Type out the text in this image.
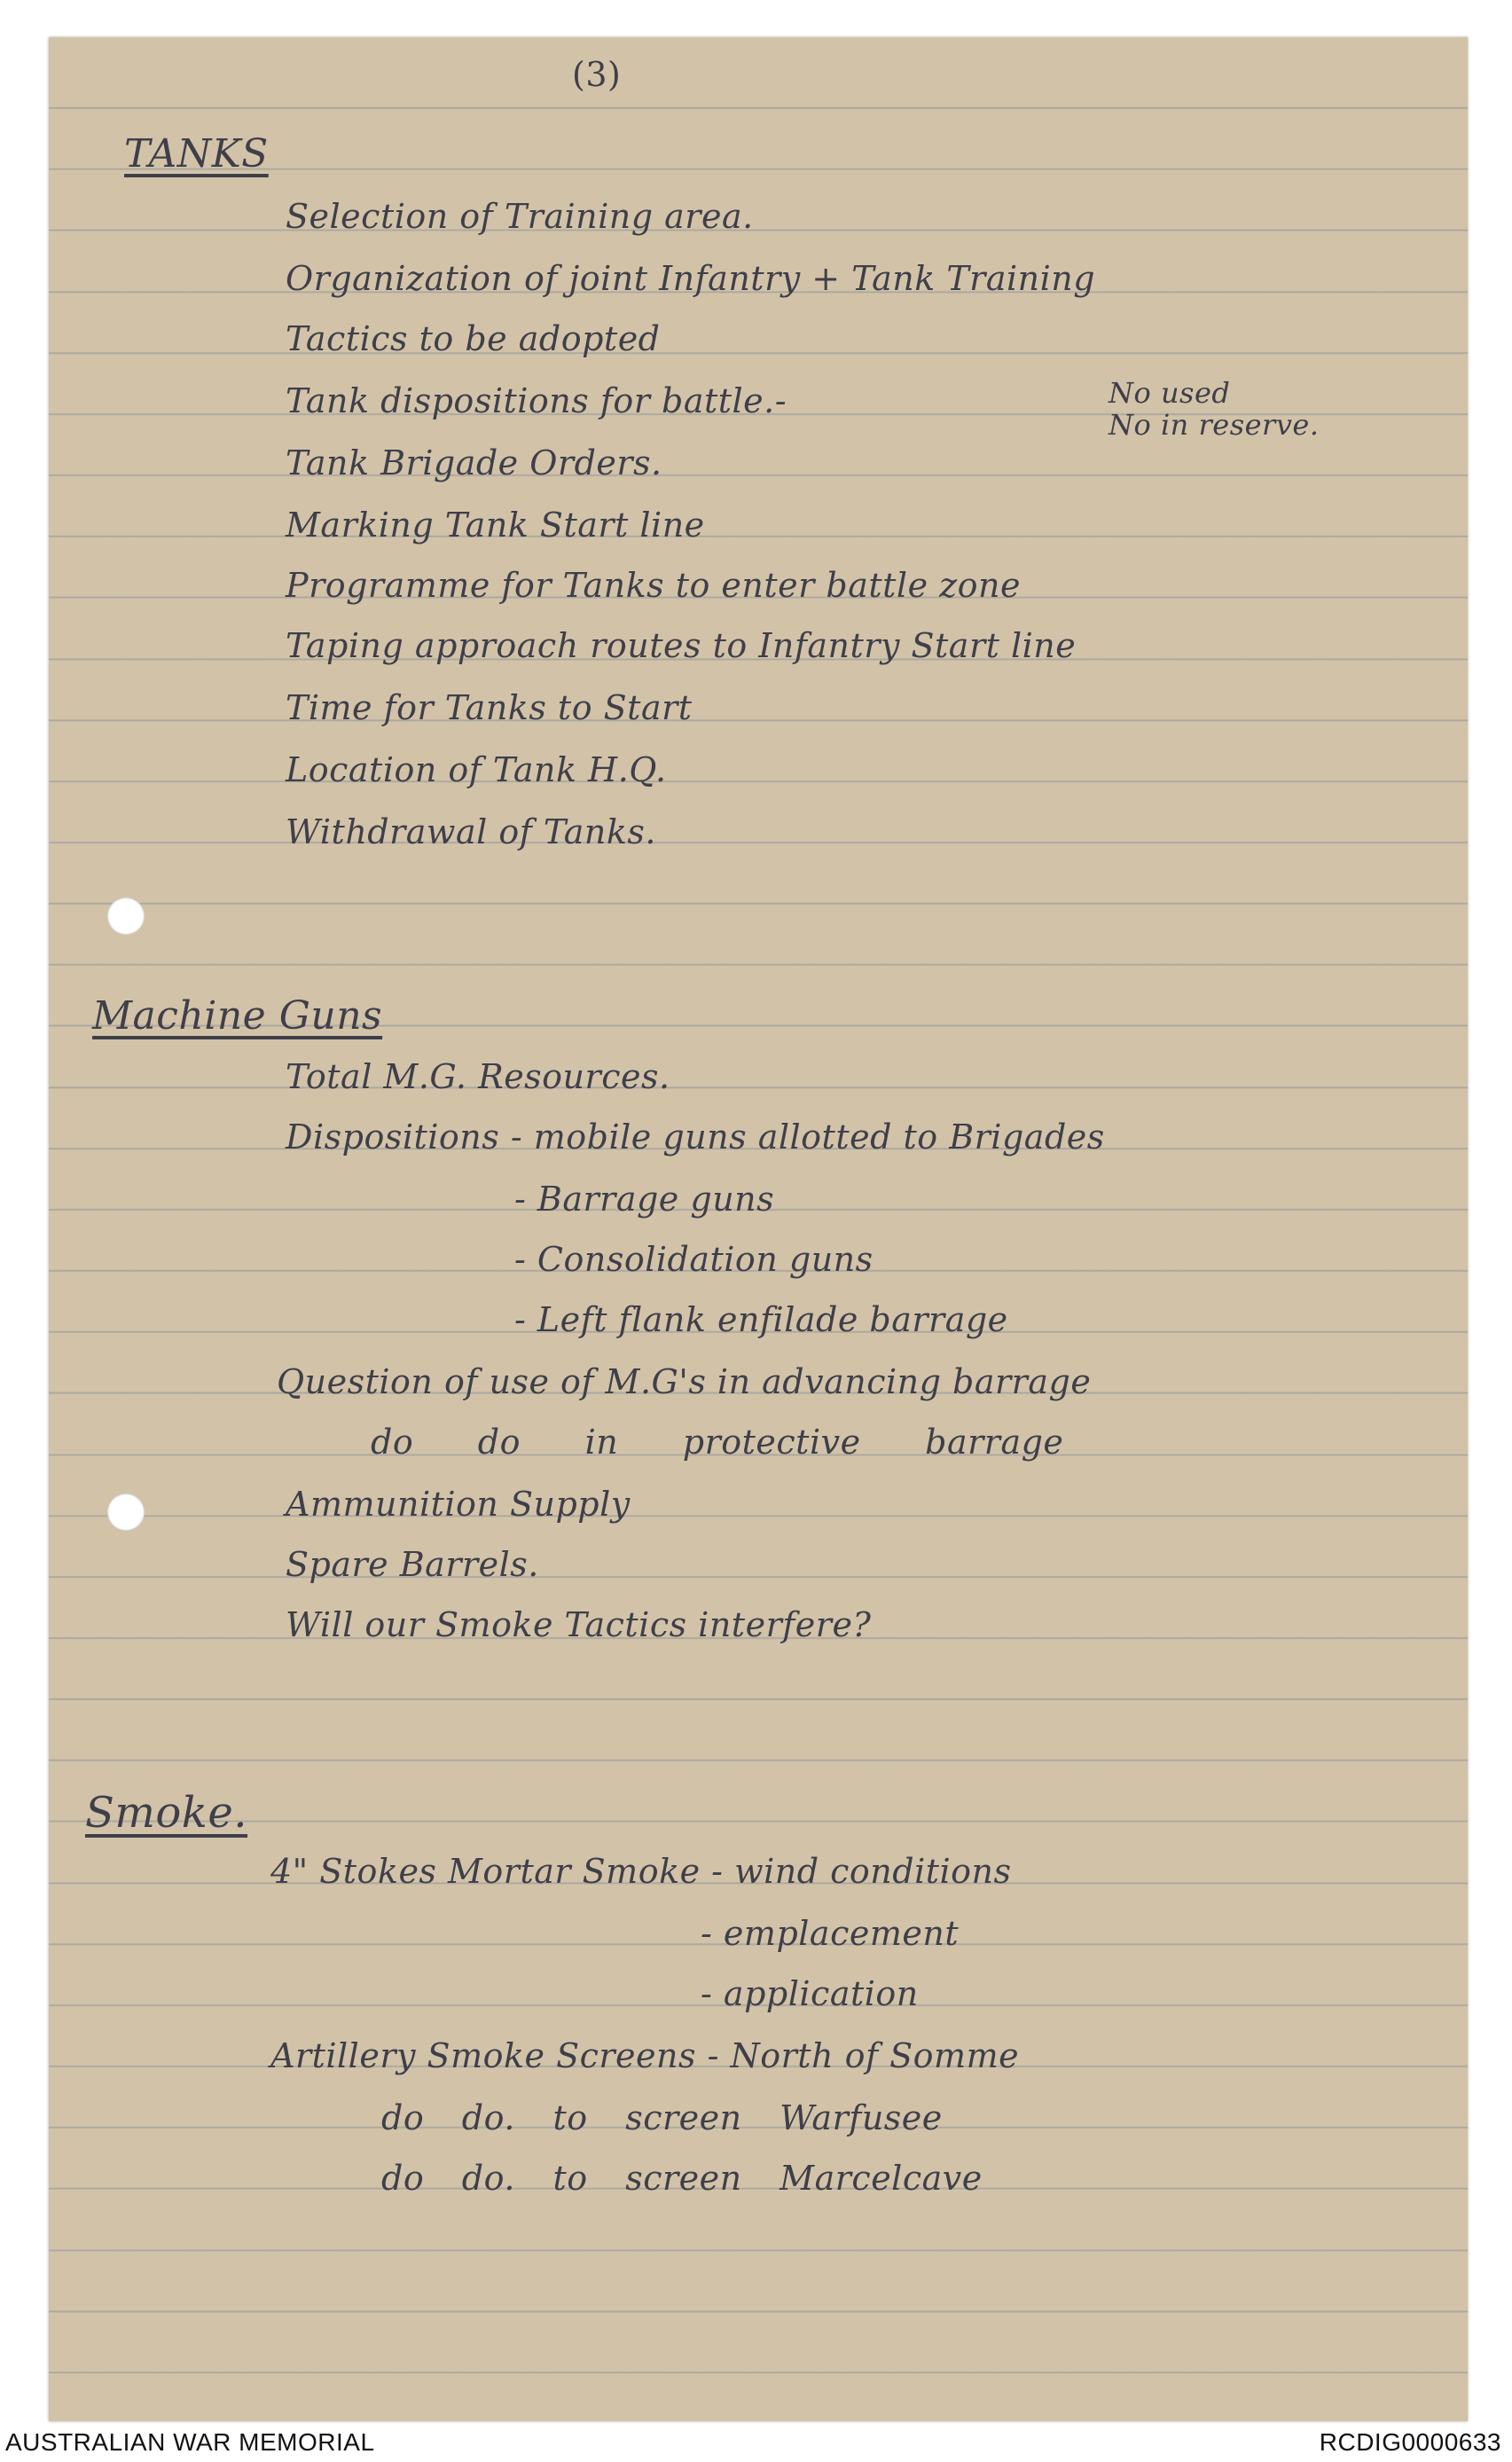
(3)
TANKS
Selection of Training area.
Organization of joint Infantry + Tank Training
Tactics to be adopted
Tank dispositions for battle.-
Tank Brigade Orders.
Marking Tank Start line
Programme for Tanks to enter battle zone
Taping approach routes to Infantry Start line
Time for Tanks to Start
Location of Tank H.Q.
Withdrawal of Tanks.
No used
No in reserve.
Machine Guns
Total M.G. Resources.
Dispositions - mobile guns allotted to Brigades
- Barrage guns
- Consolidation guns
- Left flank enfilade barrage
Question of use of M.G's in advancing barrage
do do in protective barrage
Ammunition Supply
Spare Barrels.
Will our Smoke Tactics interfere?
Smoke.
4" Stokes Mortar Smoke - wind conditions
- emplacement
- application
Artillery Smoke Screens - North of Somme
do do. to screen Warfusee
do do. to screen Marcelcave
AUSTRALIAN WAR MEMORIAL	RCDIG0000633
